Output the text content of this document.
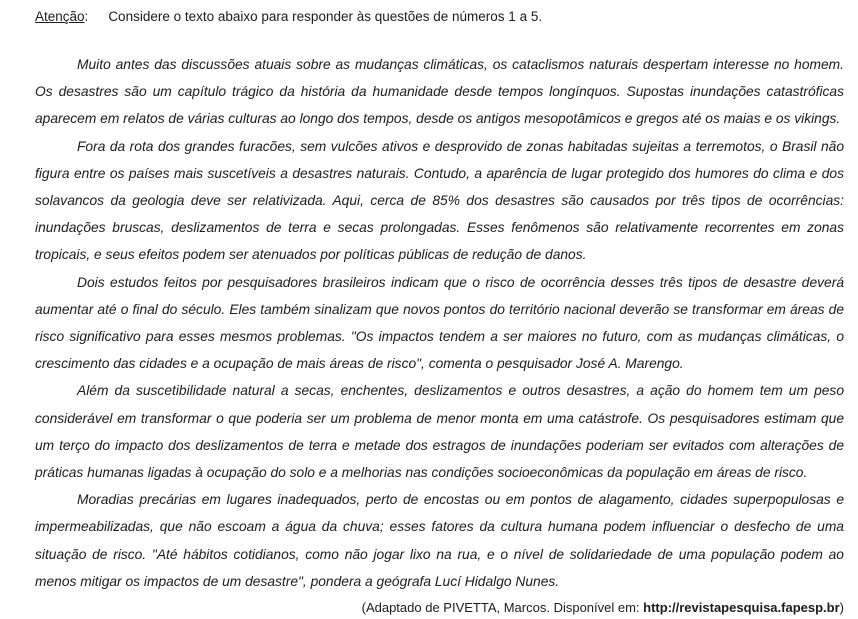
Atenção: Considere o texto abaixo para responder às questões de números 1 a 5.

Muito antes das discussões atuais sobre as mudanças climáticas, os cataclismos naturais despertam interesse no homem. Os desastres são um capítulo trágico da história da humanidade desde tempos longínquos. Supostas inundações catastróficas aparecem em relatos de várias culturas ao longo dos tempos, desde os antigos mesopotâmicos e gregos até os maias e os vikings.

Fora da rota dos grandes furacões, sem vulcões ativos e desprovido de zonas habitadas sujeitas a terremotos, o Brasil não figura entre os países mais suscetíveis a desastres naturais. Contudo, a aparência de lugar protegido dos humores do clima e dos solavancos da geologia deve ser relativizada. Aqui, cerca de 85% dos desastres são causados por três tipos de ocorrências: inundações bruscas, deslizamentos de terra e secas prolongadas. Esses fenômenos são relativamente recorrentes em zonas tropicais, e seus efeitos podem ser atenuados por políticas públicas de redução de danos.

Dois estudos feitos por pesquisadores brasileiros indicam que o risco de ocorrência desses três tipos de desastre deverá aumentar até o final do século. Eles também sinalizam que novos pontos do território nacional deverão se transformar em áreas de risco significativo para esses mesmos problemas. "Os impactos tendem a ser maiores no futuro, com as mudanças climáticas, o crescimento das cidades e a ocupação de mais áreas de risco", comenta o pesquisador José A. Marengo.

Além da suscetibilidade natural a secas, enchentes, deslizamentos e outros desastres, a ação do homem tem um peso considerável em transformar o que poderia ser um problema de menor monta em uma catástrofe. Os pesquisadores estimam que um terço do impacto dos deslizamentos de terra e metade dos estragos de inundações poderiam ser evitados com alterações de práticas humanas ligadas à ocupação do solo e a melhorias nas condições socioeconômicas da população em áreas de risco.

Moradias precárias em lugares inadequados, perto de encostas ou em pontos de alagamento, cidades superpopulosas e impermeabilizadas, que não escoam a água da chuva; esses fatores da cultura humana podem influenciar o desfecho de uma situação de risco. "Até hábitos cotidianos, como não jogar lixo na rua, e o nível de solidariedade de uma população podem ao menos mitigar os impactos de um desastre", pondera a geógrafa Lucí Hidalgo Nunes.

(Adaptado de PIVETTA, Marcos. Disponível em: http://revistapesquisa.fapesp.br)
